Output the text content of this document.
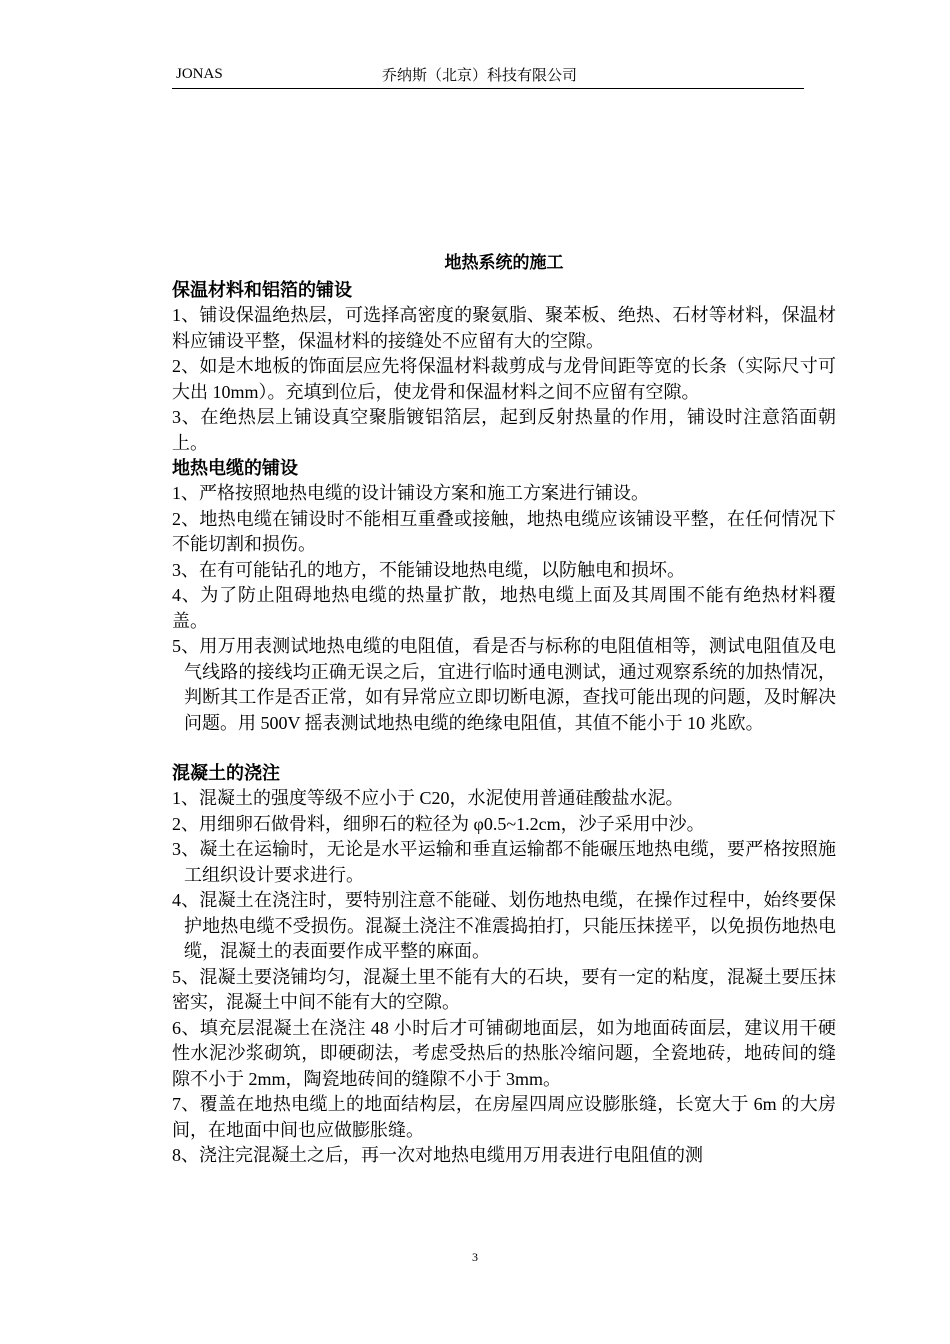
JONAS	乔纳斯（北京）科技有限公司

地热系统的施工

保温材料和铝箔的铺设

1、铺设保温绝热层，可选择高密度的聚氨脂、聚苯板、绝热、石材等材料，保温材料应铺设平整，保温材料的接缝处不应留有大的空隙。

2、如是木地板的饰面层应先将保温材料裁剪成与龙骨间距等宽的长条（实际尺寸可大出 10mm）。充填到位后，使龙骨和保温材料之间不应留有空隙。

3、在绝热层上铺设真空聚脂镀铝箔层，起到反射热量的作用，铺设时注意箔面朝上。

地热电缆的铺设

1、严格按照地热电缆的设计铺设方案和施工方案进行铺设。

2、地热电缆在铺设时不能相互重叠或接触，地热电缆应该铺设平整，在任何情况下不能切割和损伤。

3、在有可能钻孔的地方，不能铺设地热电缆，以防触电和损坏。

4、为了防止阻碍地热电缆的热量扩散，地热电缆上面及其周围不能有绝热材料覆盖。

5、用万用表测试地热电缆的电阻值，看是否与标称的电阻值相等，测试电阻值及电气线路的接线均正确无误之后，宜进行临时通电测试，通过观察系统的加热情况，判断其工作是否正常，如有异常应立即切断电源，查找可能出现的问题，及时解决问题。用 500V 摇表测试地热电缆的绝缘电阻值，其值不能小于 10 兆欧。

混凝土的浇注

1、混凝土的强度等级不应小于 C20，水泥使用普通硅酸盐水泥。

2、用细卵石做骨料，细卵石的粒径为 φ0.5~1.2cm，沙子采用中沙。

3、凝土在运输时，无论是水平运输和垂直运输都不能碾压地热电缆，要严格按照施工组织设计要求进行。

4、混凝土在浇注时，要特别注意不能碰、划伤地热电缆，在操作过程中，始终要保护地热电缆不受损伤。混凝土浇注不准震捣拍打，只能压抹搓平，以免损伤地热电缆，混凝土的表面要作成平整的麻面。

5、混凝土要浇铺均匀，混凝土里不能有大的石块，要有一定的粘度，混凝土要压抹密实，混凝土中间不能有大的空隙。

6、填充层混凝土在浇注 48 小时后才可铺砌地面层，如为地面砖面层，建议用干硬性水泥沙浆砌筑，即硬砌法，考虑受热后的热胀冷缩问题，全瓷地砖，地砖间的缝隙不小于 2mm，陶瓷地砖间的缝隙不小于 3mm。

7、覆盖在地热电缆上的地面结构层，在房屋四周应设膨胀缝，长宽大于 6m 的大房间，在地面中间也应做膨胀缝。

8、浇注完混凝土之后，再一次对地热电缆用万用表进行电阻值的测

3
